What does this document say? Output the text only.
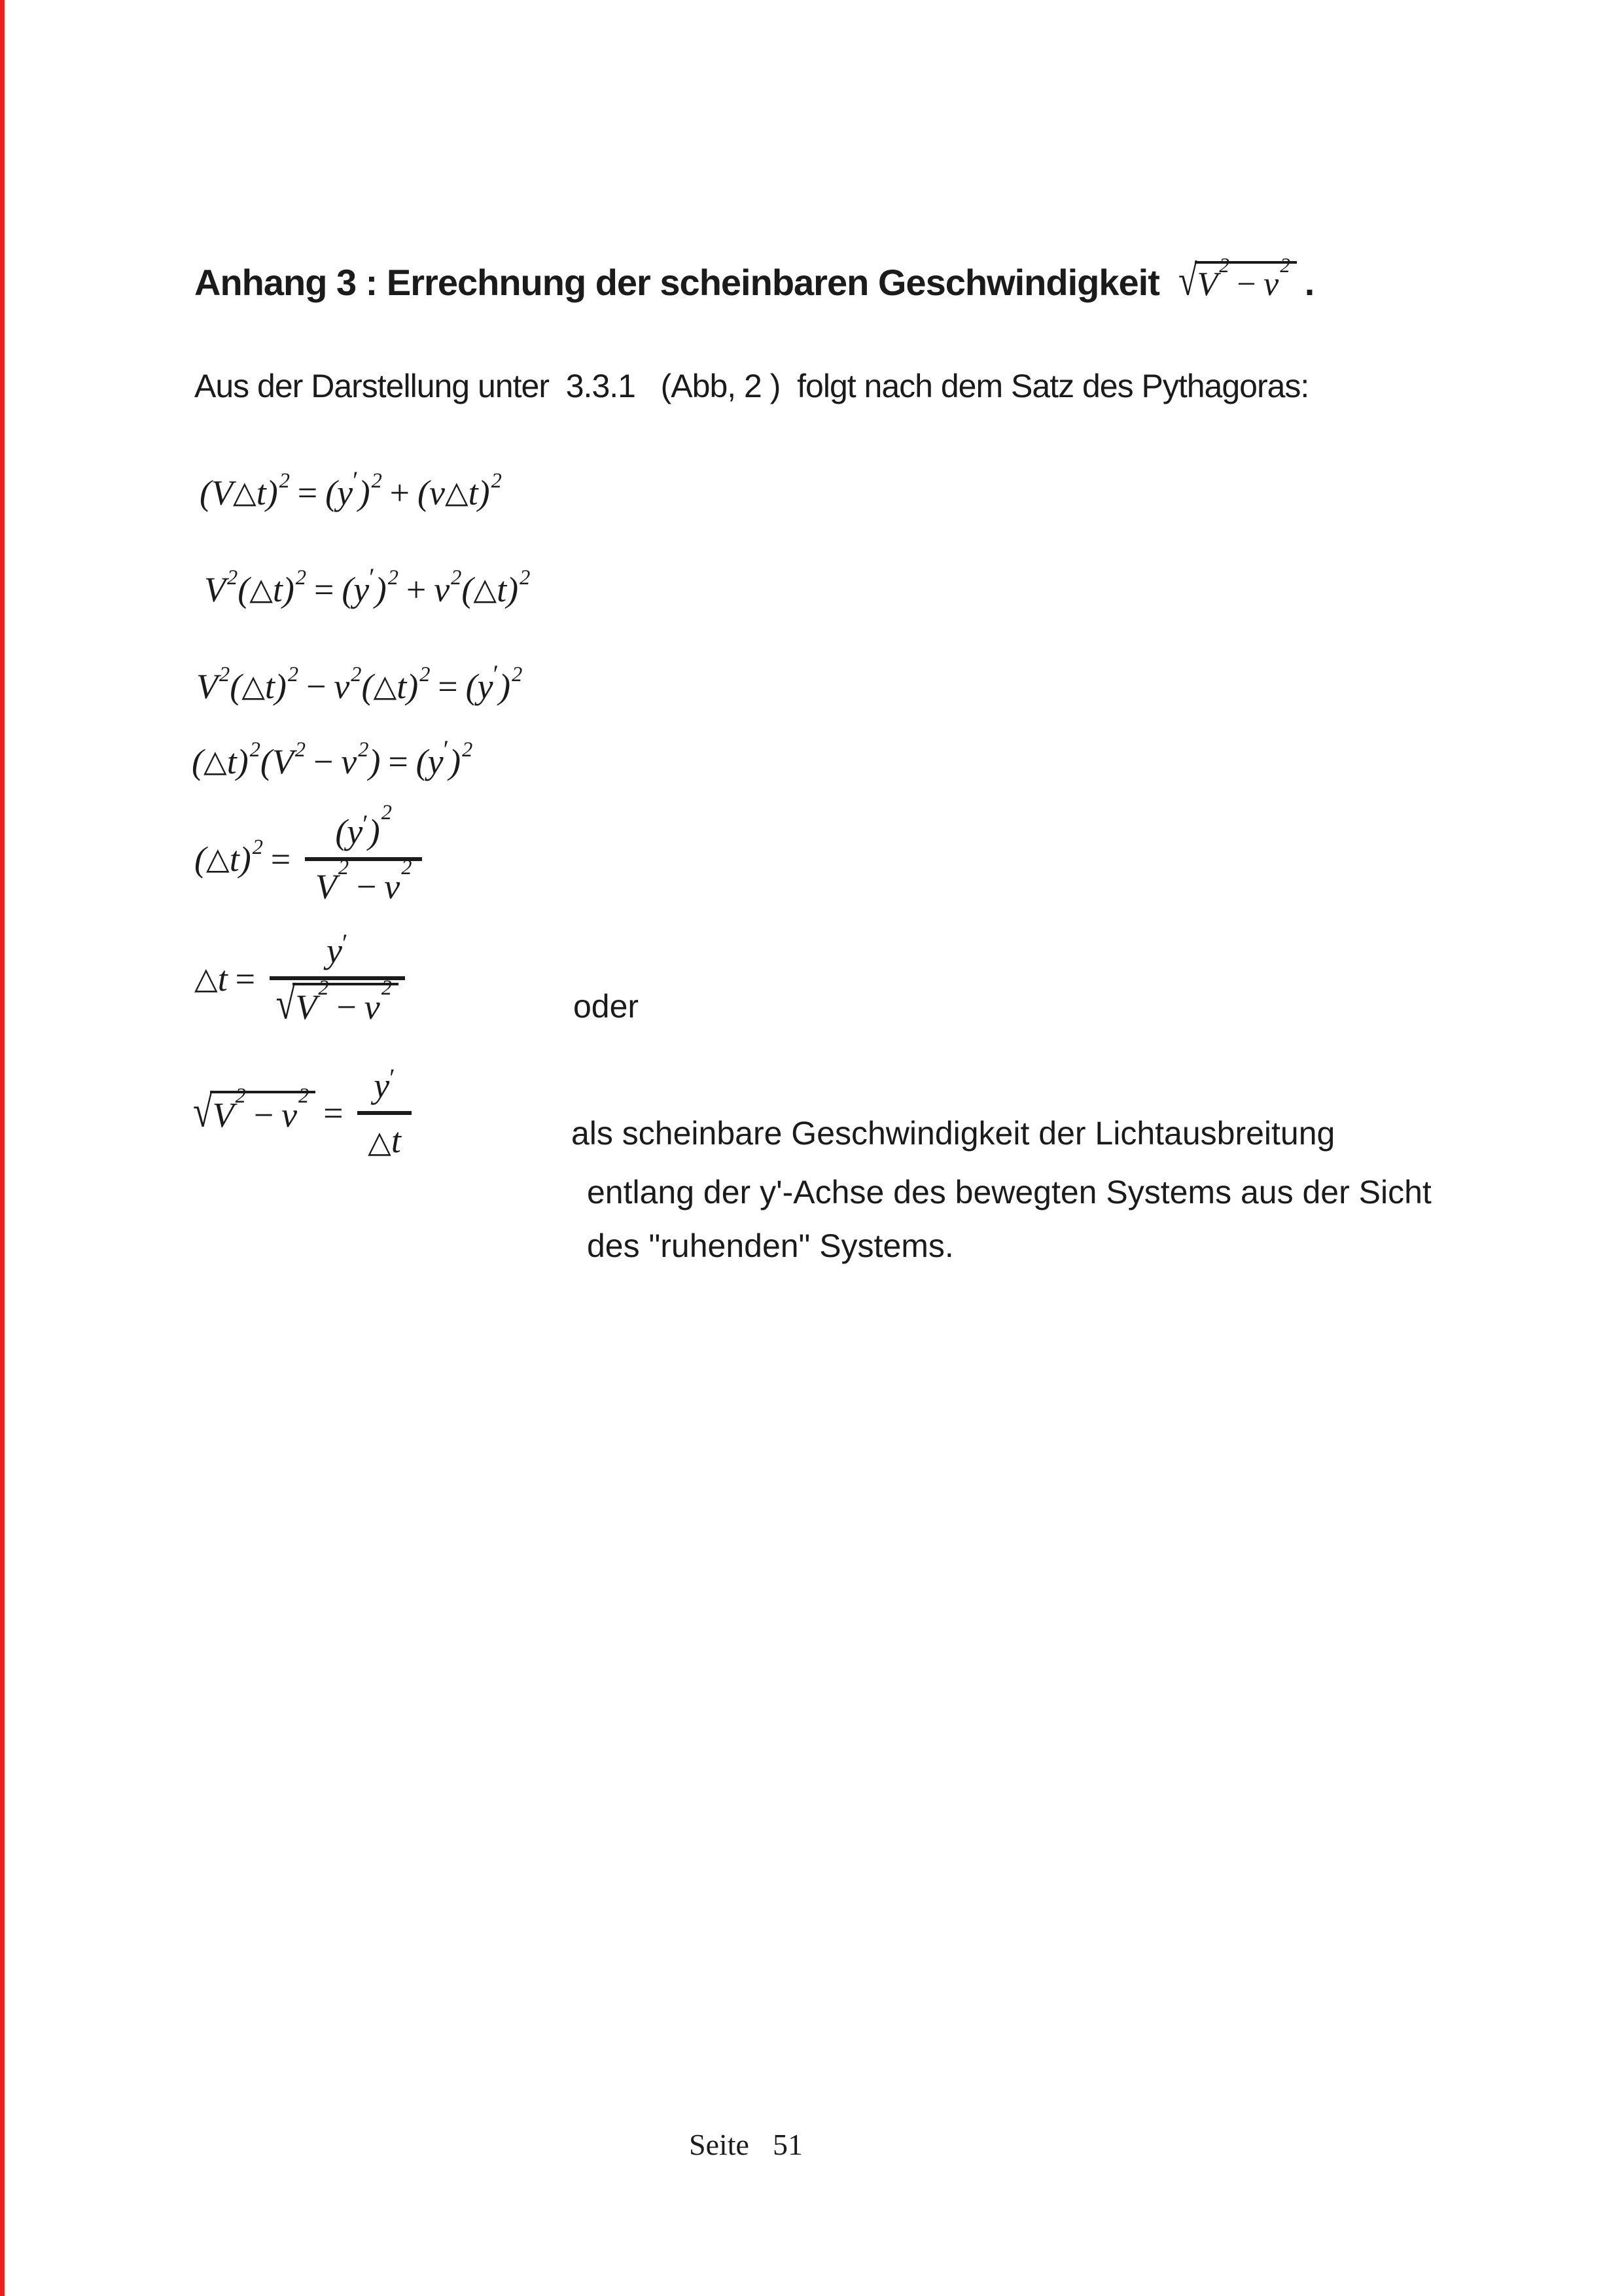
Anhang 3 : Errechnung der scheinbaren Geschwindigkeit √ $V^2- v^2$ .
Aus der Darstellung unter  3.3.1   (Abb, 2 )  folgt nach dem Satz des Pythagoras:
(V △ t)$^2$ = (y ′ )$^2$ + (v △ t)$^2$
$V^2$ ( △ t)$^2$ = (y ′ )$^2 + v^2$ ( △ t)$^2$
$V^2$ ( △ $t)^2 - v^2$ ( △ t)$^2$ = (y ′ )$^2$
( △ t)$^2$ ($V^2 - v^2$ ) = (y ′ )$^2$
( △ $t)^2 = \frac{(y')^2}{V^2 - v^2}$
△ $t = \frac{y'}{√ V^2 - v^2}$	oder
√ $V^2 - v^2 = \frac{y'}{\triangle t}$	als scheinbare Geschwindigkeit der Lichtausbreitung
entlang der y'-Achse des bewegten Systems aus der Sicht
des "ruhenden" Systems.
Seite 51
